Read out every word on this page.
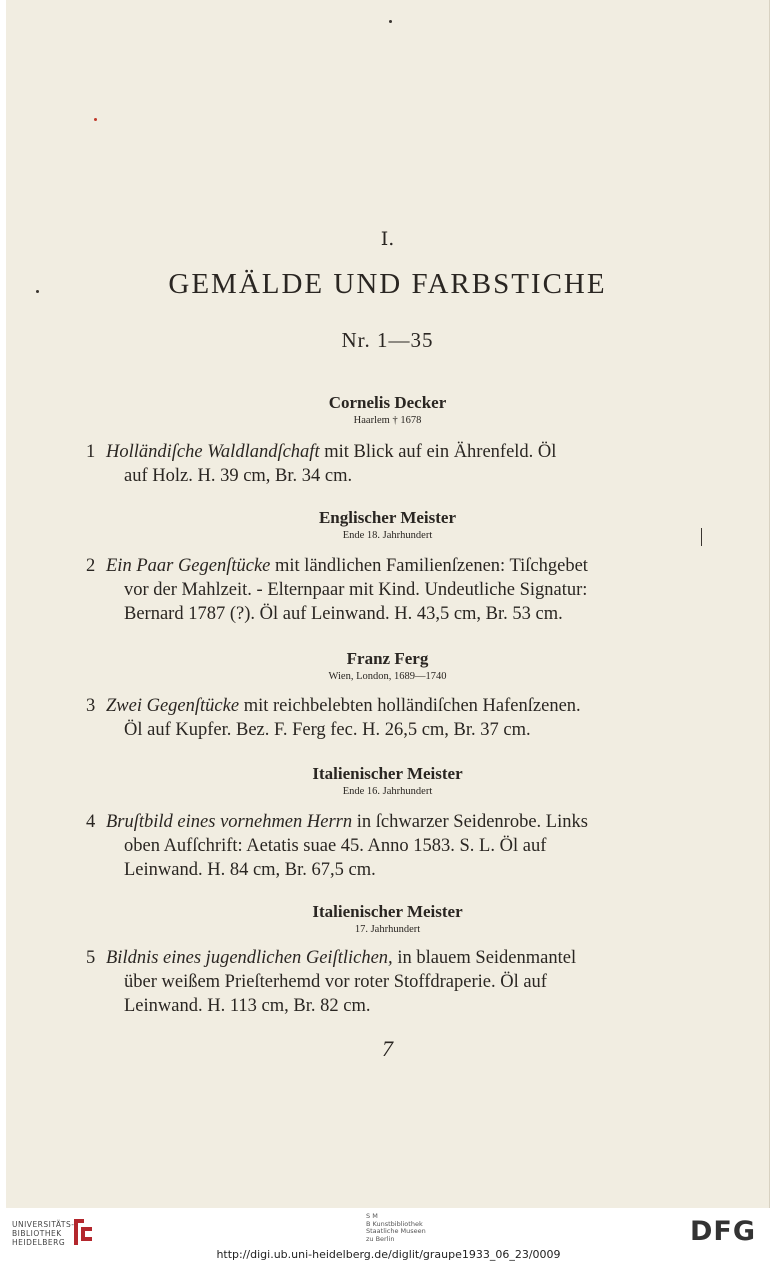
I.
GEMÄLDE UND FARBSTICHE
Nr. 1—35
Cornelis Decker
Haarlem † 1678
1 Holländiſche Waldlandſchaft mit Blick auf ein Ährenfeld. Öl
auf Holz. H. 39 cm, Br. 34 cm.
Englischer Meister
Ende 18. Jahrhundert
2 Ein Paar Gegenſtücke mit ländlichen Familienſzenen: Tiſchgebet
vor der Mahlzeit. - Elternpaar mit Kind. Undeutliche Signatur:
Bernard 1787 (?). Öl auf Leinwand. H. 43,5 cm, Br. 53 cm.
Franz Ferg
Wien, London, 1689—1740
3 Zwei Gegenſtücke mit reichbelebten holländiſchen Hafenſzenen.
Öl auf Kupfer. Bez. F. Ferg fec. H. 26,5 cm, Br. 37 cm.
Italienischer Meister
Ende 16. Jahrhundert
4 Bruſtbild eines vornehmen Herrn in ſchwarzer Seidenrobe. Links
oben Aufſchrift: Aetatis suae 45. Anno 1583. S. L. Öl auf
Leinwand. H. 84 cm, Br. 67,5 cm.
Italienischer Meister
17. Jahrhundert
5 Bildnis eines jugendlichen Geiſtlichen, in blauem Seidenmantel
über weißem Prieſterhemd vor roter Stoffdraperie. Öl auf
Leinwand. H. 113 cm, Br. 82 cm.
7
UNIVERSITÄTS-
BIBLIOTHEK
HEIDELBERG
S M
B Kunstbibliothek
Staatliche Museen
zu Berlin	DFG
http://digi.ub.uni-heidelberg.de/diglit/graupe1933_06_23/0009
